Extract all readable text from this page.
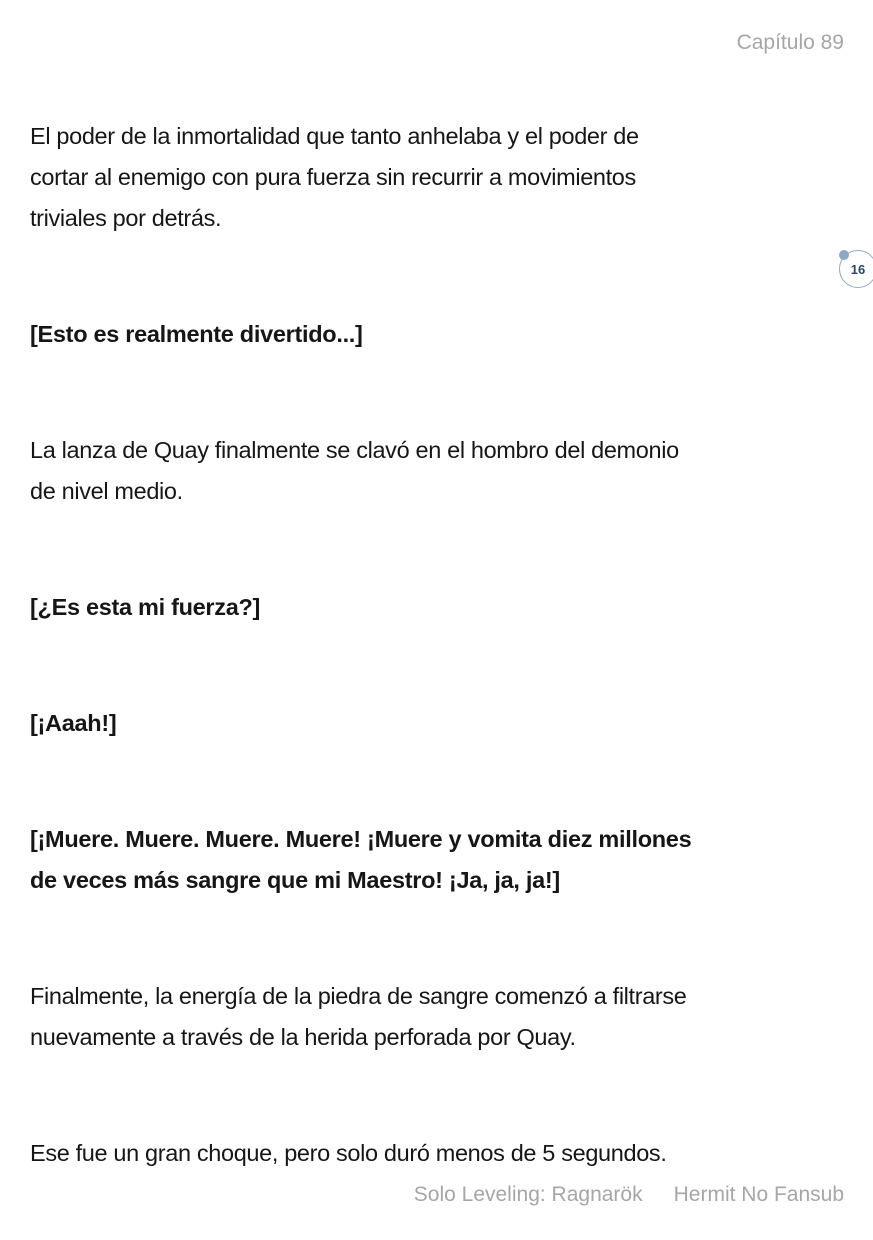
Capítulo 89
16
El poder de la inmortalidad que tanto anhelaba y el poder de
cortar al enemigo con pura fuerza sin recurrir a movimientos
triviales por detrás.
[Esto es realmente divertido...]
La lanza de Quay finalmente se clavó en el hombro del demonio
de nivel medio.
[¿Es esta mi fuerza?]
[¡Aaah!]
[¡Muere. Muere. Muere. Muere! ¡Muere y vomita diez millones
de veces más sangre que mi Maestro! ¡Ja, ja, ja!]
Finalmente, la energía de la piedra de sangre comenzó a filtrarse
nuevamente a través de la herida perforada por Quay.
Ese fue un gran choque, pero solo duró menos de 5 segundos.
Solo Leveling: Ragnarök Hermit No Fansub
